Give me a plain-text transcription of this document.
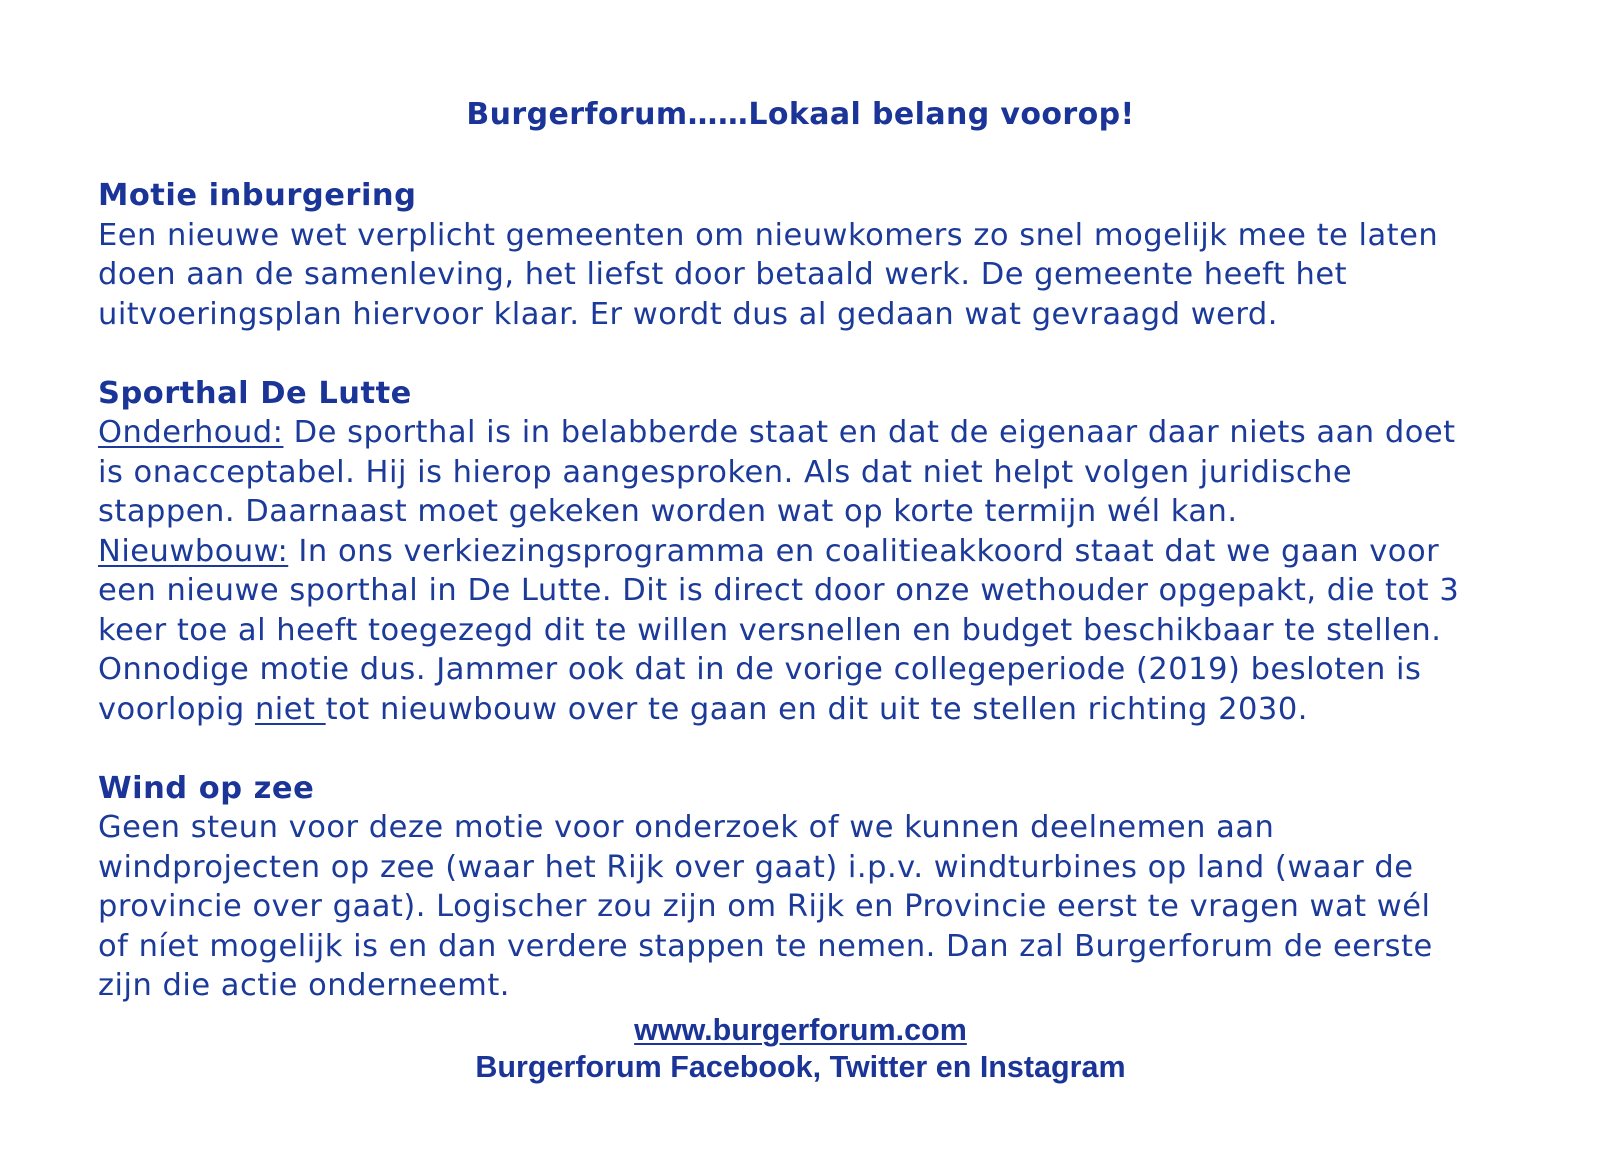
Burgerforum……Lokaal belang voorop!
Motie inburgering
Een nieuwe wet verplicht gemeenten om nieuwkomers zo snel mogelijk mee te laten
doen aan de samenleving, het liefst door betaald werk. De gemeente heeft het
uitvoeringsplan hiervoor klaar. Er wordt dus al gedaan wat gevraagd werd.
Sporthal De Lutte
Onderhoud: De sporthal is in belabberde staat en dat de eigenaar daar niets aan doet
is onacceptabel. Hij is hierop aangesproken. Als dat niet helpt volgen juridische
stappen. Daarnaast moet gekeken worden wat op korte termijn wél kan.
Nieuwbouw: In ons verkiezingsprogramma en coalitieakkoord staat dat we gaan voor
een nieuwe sporthal in De Lutte. Dit is direct door onze wethouder opgepakt, die tot 3
keer toe al heeft toegezegd dit te willen versnellen en budget beschikbaar te stellen.
Onnodige motie dus. Jammer ook dat in de vorige collegeperiode (2019) besloten is
voorlopig niet tot nieuwbouw over te gaan en dit uit te stellen richting 2030.
Wind op zee
Geen steun voor deze motie voor onderzoek of we kunnen deelnemen aan
windprojecten op zee (waar het Rijk over gaat) i.p.v. windturbines op land (waar de
provincie over gaat). Logischer zou zijn om Rijk en Provincie eerst te vragen wat wél
of níet mogelijk is en dan verdere stappen te nemen. Dan zal Burgerforum de eerste
zijn die actie onderneemt.
www.burgerforum.com
Burgerforum Facebook, Twitter en Instagram
